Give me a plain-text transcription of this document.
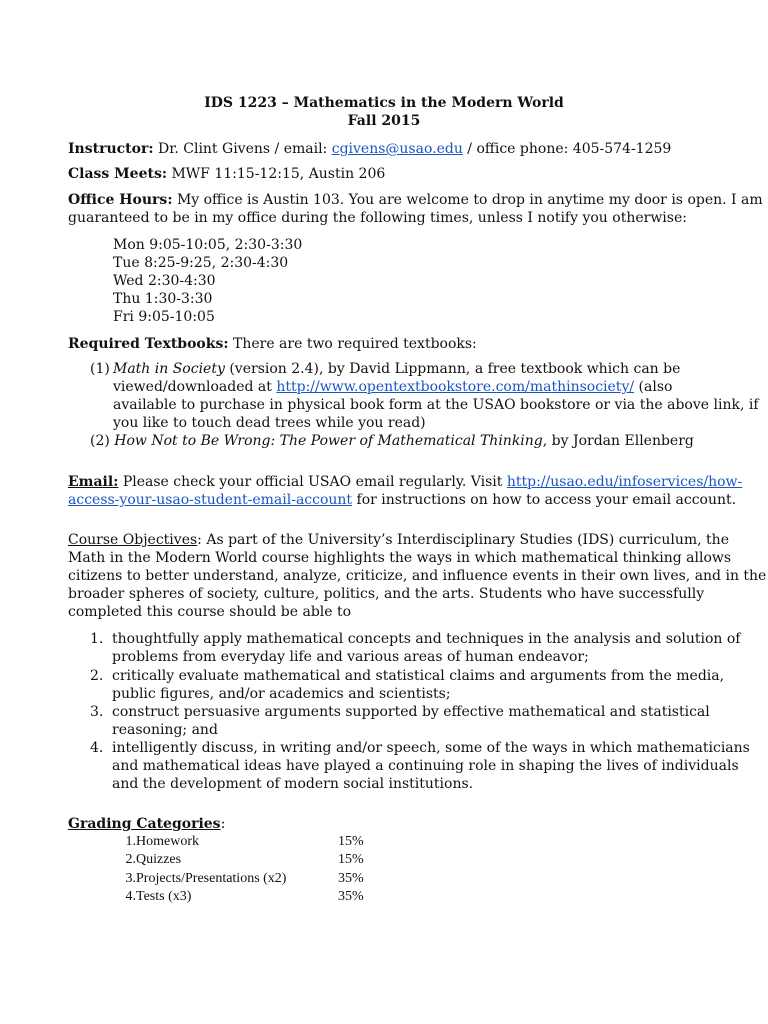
IDS 1223 – Mathematics in the Modern World
Fall 2015
Instructor: Dr. Clint Givens / email: cgivens@usao.edu / office phone: 405-574-1259
Class Meets: MWF 11:15-12:15, Austin 206
Office Hours: My office is Austin 103. You are welcome to drop in anytime my door is open. I am
guaranteed to be in my office during the following times, unless I notify you otherwise:
Mon 9:05-10:05, 2:30-3:30
Tue 8:25-9:25, 2:30-4:30
Wed 2:30-4:30
Thu 1:30-3:30
Fri 9:05-10:05
Required Textbooks: There are two required textbooks:
(1) Math in Society (version 2.4), by David Lippmann, a free textbook which can be
viewed/downloaded at http://www.opentextbookstore.com/mathinsociety/ (also
available to purchase in physical book form at the USAO bookstore or via the above link, if
you like to touch dead trees while you read)
(2) How Not to Be Wrong: The Power of Mathematical Thinking, by Jordan Ellenberg
Email: Please check your official USAO email regularly. Visit http://usao.edu/infoservices/how-
access-your-usao-student-email-account for instructions on how to access your email account.
Course Objectives: As part of the University’s Interdisciplinary Studies (IDS) curriculum, the
Math in the Modern World course highlights the ways in which mathematical thinking allows
citizens to better understand, analyze, criticize, and influence events in their own lives, and in the
broader spheres of society, culture, politics, and the arts. Students who have successfully
completed this course should be able to
1. thoughtfully apply mathematical concepts and techniques in the analysis and solution of
problems from everyday life and various areas of human endeavor;
2. critically evaluate mathematical and statistical claims and arguments from the media,
public figures, and/or academics and scientists;
3. construct persuasive arguments supported by effective mathematical and statistical
reasoning; and
4. intelligently discuss, in writing and/or speech, some of the ways in which mathematicians
and mathematical ideas have played a continuing role in shaping the lives of individuals
and the development of modern social institutions.
Grading Categories:
1. Homework	15%
2. Quizzes	15%
3. Projects/Presentations (x2)	35%
4. Tests (x3)	35%
